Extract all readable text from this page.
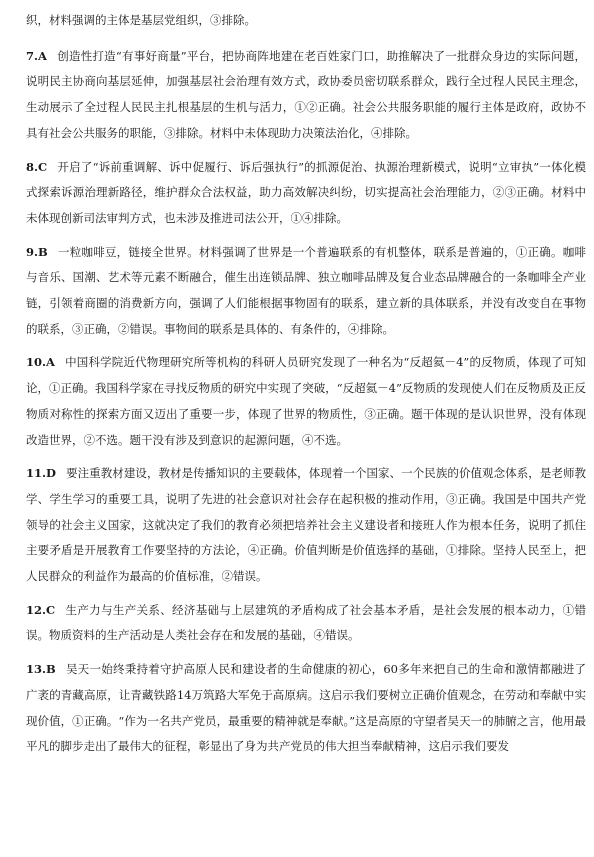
织，材料强调的主体是基层党组织，③排除。

7.A 创造性打造“有事好商量”平台，把协商阵地建在老百姓家门口，助推解决了一批群众身边的实际问题，说明民主协商向基层延伸，加强基层社会治理有效方式，政协委员密切联系群众，践行全过程人民民主理念，生动展示了全过程人民民主扎根基层的生机与活力，①②正确。社会公共服务职能的履行主体是政府，政协不具有社会公共服务的职能，③排除。材料中未体现助力决策法治化，④排除。

8.C 开启了“诉前重调解、诉中促履行、诉后强执行”的抓源促治、执源治理新模式，说明“立审执”一体化模式探索诉源治理新路径，维护群众合法权益，助力高效解决纠纷，切实提高社会治理能力，②③正确。材料中未体现创新司法审判方式，也未涉及推进司法公开，①④排除。

9.B 一粒咖啡豆，链接全世界。材料强调了世界是一个普遍联系的有机整体，联系是普遍的，①正确。咖啡与音乐、国潮、艺术等元素不断融合，催生出连锁品牌、独立咖啡品牌及复合业态品牌融合的一条咖啡全产业链，引领着商圈的消费新方向，强调了人们能根据事物固有的联系，建立新的具体联系，并没有改变自在事物的联系，③正确，②错误。事物间的联系是具体的、有条件的，④排除。

10.A 中国科学院近代物理研究所等机构的科研人员研究发现了一种名为“反超氦－4”的反物质，体现了可知论，①正确。我国科学家在寻找反物质的研究中实现了突破，“反超氦－4”反物质的发现使人们在反物质及正反物质对称性的探索方面又迈出了重要一步，体现了世界的物质性，③正确。题干体现的是认识世界，没有体现改造世界，②不选。题干没有涉及到意识的起源问题，④不选。

11.D 要注重教材建设，教材是传播知识的主要载体，体现着一个国家、一个民族的价值观念体系，是老师教学、学生学习的重要工具，说明了先进的社会意识对社会存在起积极的推动作用，③正确。我国是中国共产党领导的社会主义国家，这就决定了我们的教育必须把培养社会主义建设者和接班人作为根本任务，说明了抓住主要矛盾是开展教育工作要坚持的方法论，④正确。价值判断是价值选择的基础，①排除。坚持人民至上，把人民群众的利益作为最高的价值标准，②错误。

12.C 生产力与生产关系、经济基础与上层建筑的矛盾构成了社会基本矛盾，是社会发展的根本动力，①错误。物质资料的生产活动是人类社会存在和发展的基础，④错误。

13.B 吴天一始终秉持着守护高原人民和建设者的生命健康的初心，60多年来把自己的生命和激情都融进了广袤的青藏高原，让青藏铁路14万筑路大军免于高原病。这启示我们要树立正确价值观念，在劳动和奉献中实现价值，①正确。“作为一名共产党员，最重要的精神就是奉献。”这是高原的守望者吴天一的肺腑之言，他用最平凡的脚步走出了最伟大的征程，彰显出了身为共产党员的伟大担当奉献精神，这启示我们要发
